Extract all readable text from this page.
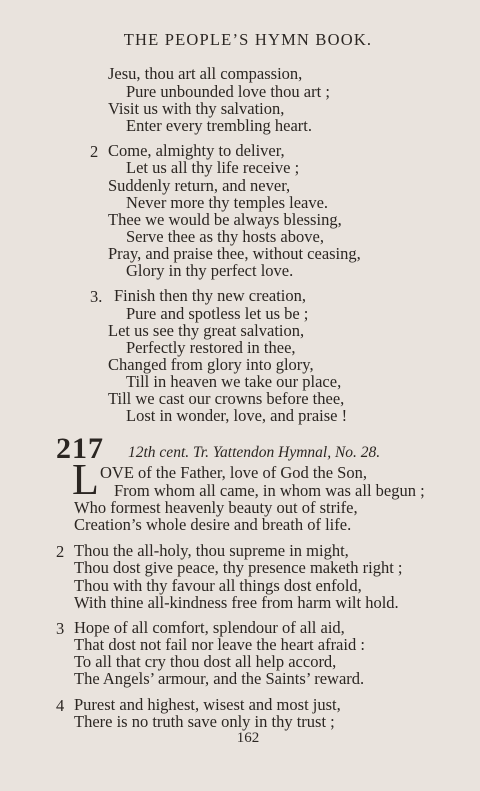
THE PEOPLE’S HYMN BOOK.
Jesu, thou art all compassion,
Pure unbounded love thou art ;
Visit us with thy salvation,
Enter every trembling heart.
2 Come, almighty to deliver,
Let us all thy life receive ;
Suddenly return, and never,
Never more thy temples leave.
Thee we would be always blessing,
Serve thee as thy hosts above,
Pray, and praise thee, without ceasing,
Glory in thy perfect love.
3. Finish then thy new creation,
Pure and spotless let us be ;
Let us see thy great salvation,
Perfectly restored in thee,
Changed from glory into glory,
Till in heaven we take our place,
Till we cast our crowns before thee,
Lost in wonder, love, and praise !
217 12th cent. Tr. Yattendon Hymnal, No. 28.
L OVE of the Father, love of God the Son,
From whom all came, in whom was all begun ;
Who formest heavenly beauty out of strife,
Creation’s whole desire and breath of life.
2 Thou the all-holy, thou supreme in might,
Thou dost give peace, thy presence maketh right ;
Thou with thy favour all things dost enfold,
With thine all-kindness free from harm wilt hold.
3 Hope of all comfort, splendour of all aid,
That dost not fail nor leave the heart afraid :
To all that cry thou dost all help accord,
The Angels’ armour, and the Saints’ reward.
4 Purest and highest, wisest and most just,
There is no truth save only in thy trust ;
162
